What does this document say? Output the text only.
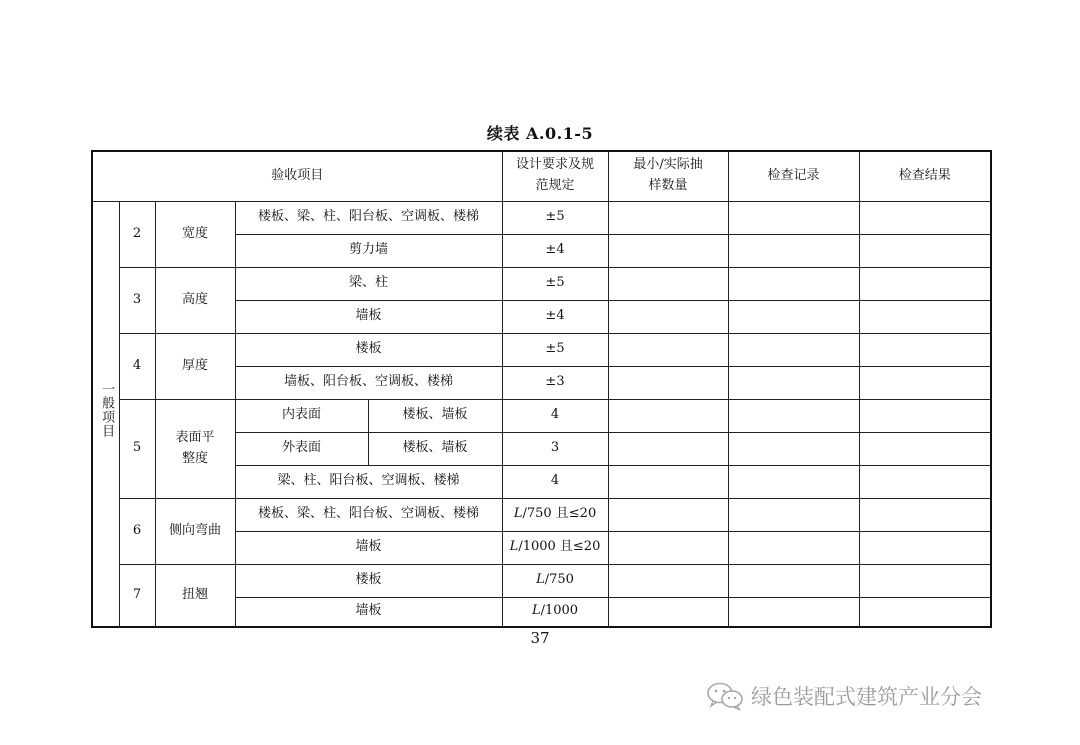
续表 A.0.1-5
验收项目					设计要求及规范规定	最小/实际抽样数量	检查记录	检查结果
一般项目	2	宽度	楼板、梁、柱、阳台板、空调板、楼梯		±5			
			剪力墙		±4			
	3	高度	梁、柱		±5			
			墙板		±4			
	4	厚度	楼板		±5			
			墙板、阳台板、空调板、楼梯		±3			
	5	表面平整度	内表面	楼板、墙板	4			
			外表面	楼板、墙板	3			
			梁、柱、阳台板、空调板、楼梯		4			
	6	侧向弯曲	楼板、梁、柱、阳台板、空调板、楼梯		L/750 且≤20			
			墙板		L/1000 且≤20			
	7	扭翘	楼板		L/750			
			墙板		L/1000			
37
绿色装配式建筑产业分会
